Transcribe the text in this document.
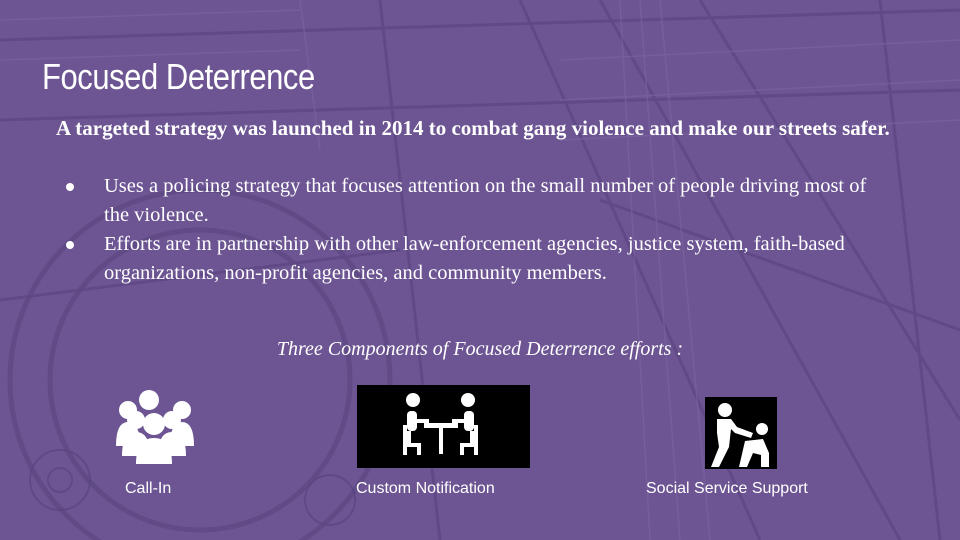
Focused Deterrence
A targeted strategy was launched in 2014 to combat gang violence and make our streets safer.
Uses a policing strategy that focuses attention on the small number of people driving most of the violence.
Efforts are in partnership with other law-enforcement agencies, justice system, faith-based organizations, non-profit agencies, and community members.
Three Components of Focused Deterrence efforts :
Call-In	Custom Notification	Social Service Support
